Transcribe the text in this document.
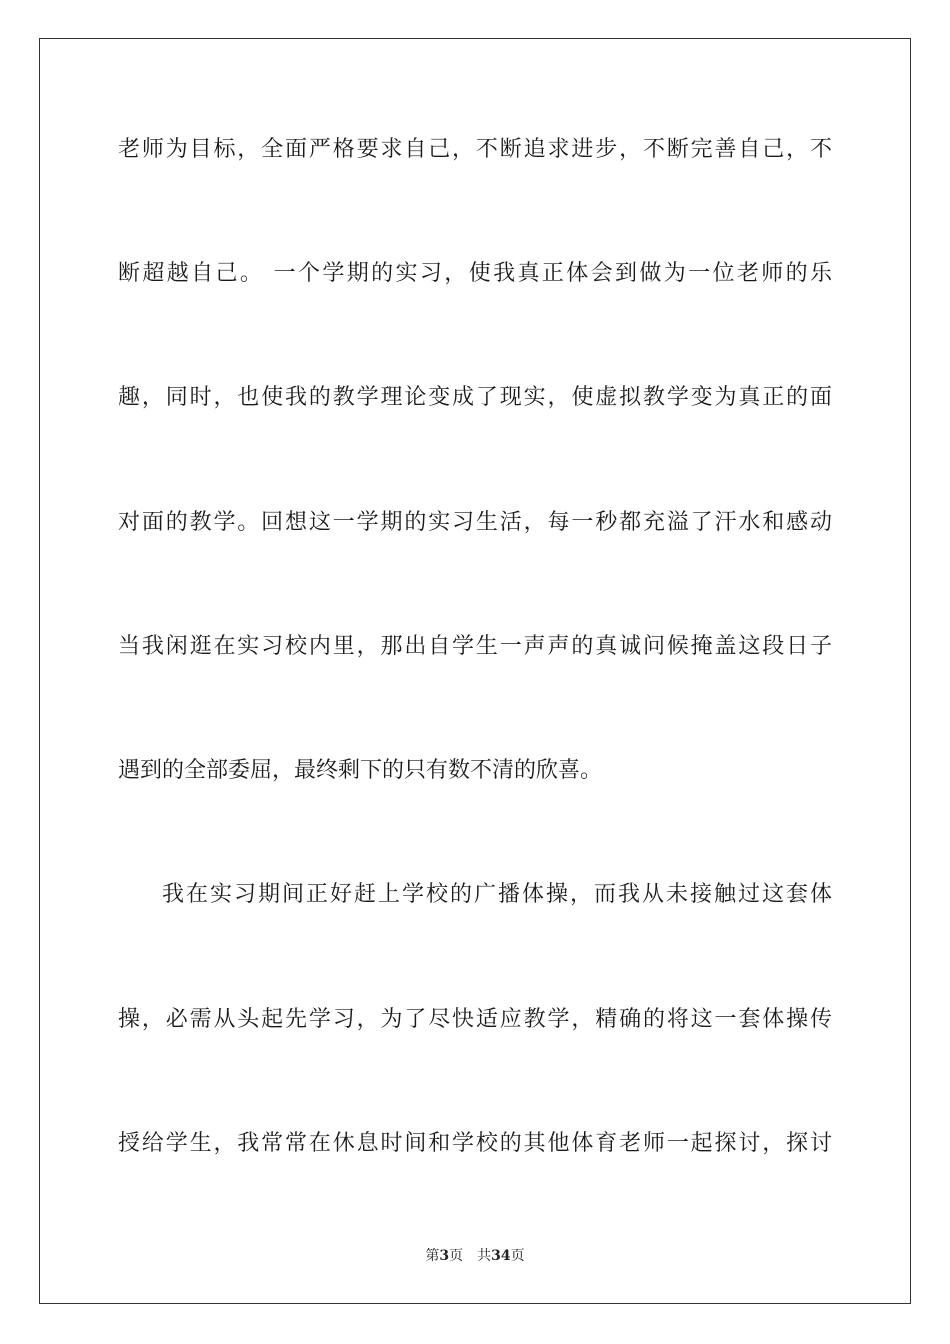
老师为目标，全面严格要求自己，不断追求进步，不断完善自己，不
断超越自己。 一个学期的实习，使我真正体会到做为一位老师的乐
趣，同时，也使我的教学理论变成了现实，使虚拟教学变为真正的面
对面的教学。回想这一学期的实习生活，每一秒都充溢了汗水和感动
当我闲逛在实习校内里，那出自学生一声声的真诚问候掩盖这段日子
遇到的全部委屈，最终剩下的只有数不清的欣喜。
我在实习期间正好赶上学校的广播体操，而我从未接触过这套体
操，必需从头起先学习，为了尽快适应教学，精确的将这一套体操传
授给学生，我常常在休息时间和学校的其他体育老师一起探讨，探讨
第3页 共34页
